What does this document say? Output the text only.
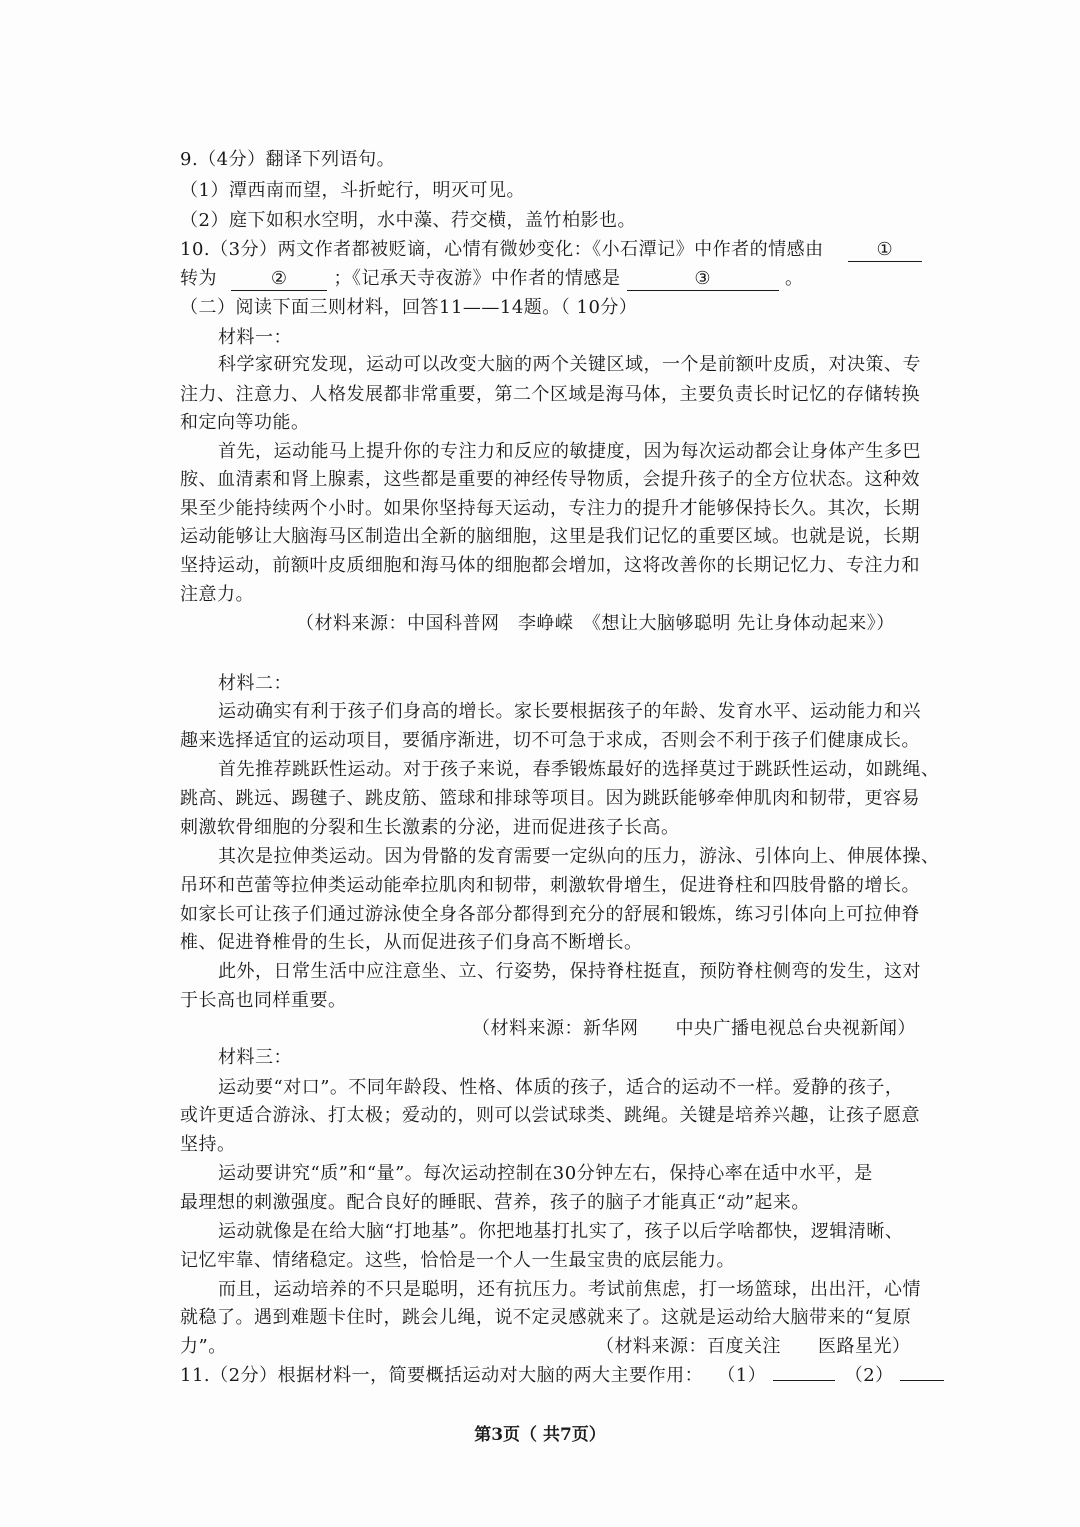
9.（4分）翻译下列语句。
（1）潭西南而望，斗折蛇行，明灭可见。
（2）庭下如积水空明，水中藻、荇交横，盖竹柏影也。
10.（3分）两文作者都被贬谪，心情有微妙变化：《小石潭记》中作者的情感由	①
转为	②	；《记承天寺夜游》中作者的情感是	③	。
（二）阅读下面三则材料，回答11——14题。（ 10分）
材料一：
科学家研究发现，运动可以改变大脑的两个关键区域，一个是前额叶皮质，对决策、专
注力、注意力、人格发展都非常重要，第二个区域是海马体，主要负责长时记忆的存储转换
和定向等功能。
首先，运动能马上提升你的专注力和反应的敏捷度，因为每次运动都会让身体产生多巴
胺、血清素和肾上腺素，这些都是重要的神经传导物质，会提升孩子的全方位状态。这种效
果至少能持续两个小时。如果你坚持每天运动，专注力的提升才能够保持长久。其次，长期
运动能够让大脑海马区制造出全新的脑细胞，这里是我们记忆的重要区域。也就是说，长期
坚持运动，前额叶皮质细胞和海马体的细胞都会增加，这将改善你的长期记忆力、专注力和
注意力。
（材料来源：中国科普网　李峥嵘　《想让大脑够聪明 先让身体动起来》）
材料二：
运动确实有利于孩子们身高的增长。家长要根据孩子的年龄、发育水平、运动能力和兴
趣来选择适宜的运动项目，要循序渐进，切不可急于求成，否则会不利于孩子们健康成长。
首先推荐跳跃性运动。对于孩子来说，春季锻炼最好的选择莫过于跳跃性运动，如跳绳、
跳高、跳远、踢毽子、跳皮筋、篮球和排球等项目。因为跳跃能够牵伸肌肉和韧带，更容易
刺激软骨细胞的分裂和生长激素的分泌，进而促进孩子长高。
其次是拉伸类运动。因为骨骼的发育需要一定纵向的压力，游泳、引体向上、伸展体操、
吊环和芭蕾等拉伸类运动能牵拉肌肉和韧带，刺激软骨增生，促进脊柱和四肢骨骼的增长。
如家长可让孩子们通过游泳使全身各部分都得到充分的舒展和锻炼，练习引体向上可拉伸脊
椎、促进脊椎骨的生长，从而促进孩子们身高不断增长。
此外，日常生活中应注意坐、立、行姿势，保持脊柱挺直，预防脊柱侧弯的发生，这对
于长高也同样重要。
（材料来源：新华网　　中央广播电视总台央视新闻）
材料三：
运动要“对口”。不同年龄段、性格、体质的孩子，适合的运动不一样。爱静的孩子，
或许更适合游泳、打太极；爱动的，则可以尝试球类、跳绳。关键是培养兴趣，让孩子愿意
坚持。
运动要讲究“质”和“量”。每次运动控制在30分钟左右，保持心率在适中水平，是
最理想的刺激强度。配合良好的睡眠、营养，孩子的脑子才能真正“动”起来。
运动就像是在给大脑“打地基”。你把地基打扎实了，孩子以后学啥都快，逻辑清晰、
记忆牢靠、情绪稳定。这些，恰恰是一个人一生最宝贵的底层能力。
而且，运动培养的不只是聪明，还有抗压力。考试前焦虑，打一场篮球，出出汗，心情
就稳了。遇到难题卡住时，跳会儿绳，说不定灵感就来了。这就是运动给大脑带来的“复原
力”。	（材料来源：百度关注　　医路星光）
11.（2分）根据材料一，简要概括运动对大脑的两大主要作用： （1）	（2）
第3页（ 共7页）
